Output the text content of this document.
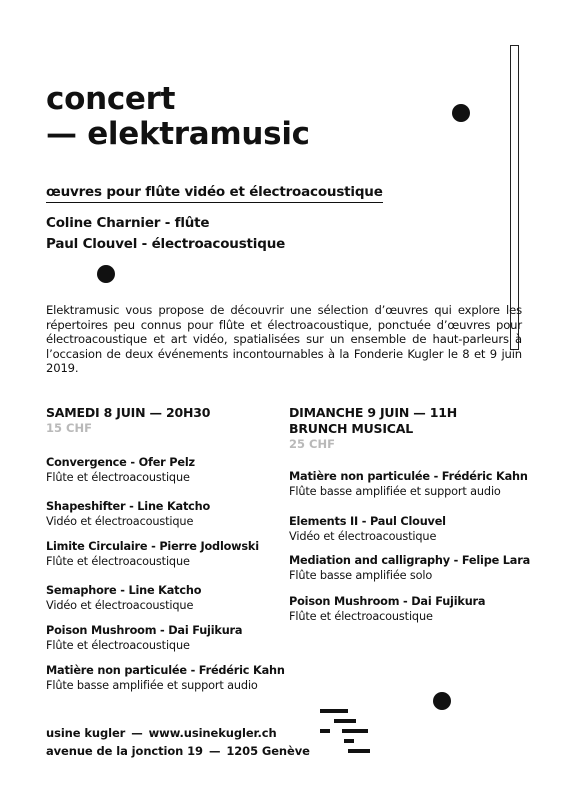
concert
— elektramusic
œuvres pour flûte vidéo et électroacoustique
Coline Charnier - flûte
Paul Clouvel - électroacoustique
Elektramusic vous propose de découvrir une sélection d’œuvres qui explore les répertoires peu connus pour flûte et électroacoustique, ponctuée d’œuvres pour électroacoustique et art vidéo, spatialisées sur un ensemble de haut-parleurs à l’occasion de deux événements incontournables à la Fonderie Kugler le 8 et 9 juin 2019.
SAMEDI 8 JUIN — 20H30
15 CHF
Convergence - Ofer Pelz
Flûte et électroacoustique
Shapeshifter - Line Katcho
Vidéo et électroacoustique
Limite Circulaire - Pierre Jodlowski
Flûte et électroacoustique
Semaphore - Line Katcho
Vidéo et électroacoustique
Poison Mushroom - Dai Fujikura
Flûte et électroacoustique
Matière non particulée - Frédéric Kahn
Flûte basse amplifiée et support audio
DIMANCHE 9 JUIN — 11H
BRUNCH MUSICAL
25 CHF
Matière non particulée - Frédéric Kahn
Flûte basse amplifiée et support audio
Elements II - Paul Clouvel
Vidéo et électroacoustique
Mediation and calligraphy - Felipe Lara
Flûte basse amplifiée solo
Poison Mushroom - Dai Fujikura
Flûte et électroacoustique
usine kugler — www.usinekugler.ch
avenue de la jonction 19 — 1205 Genève
